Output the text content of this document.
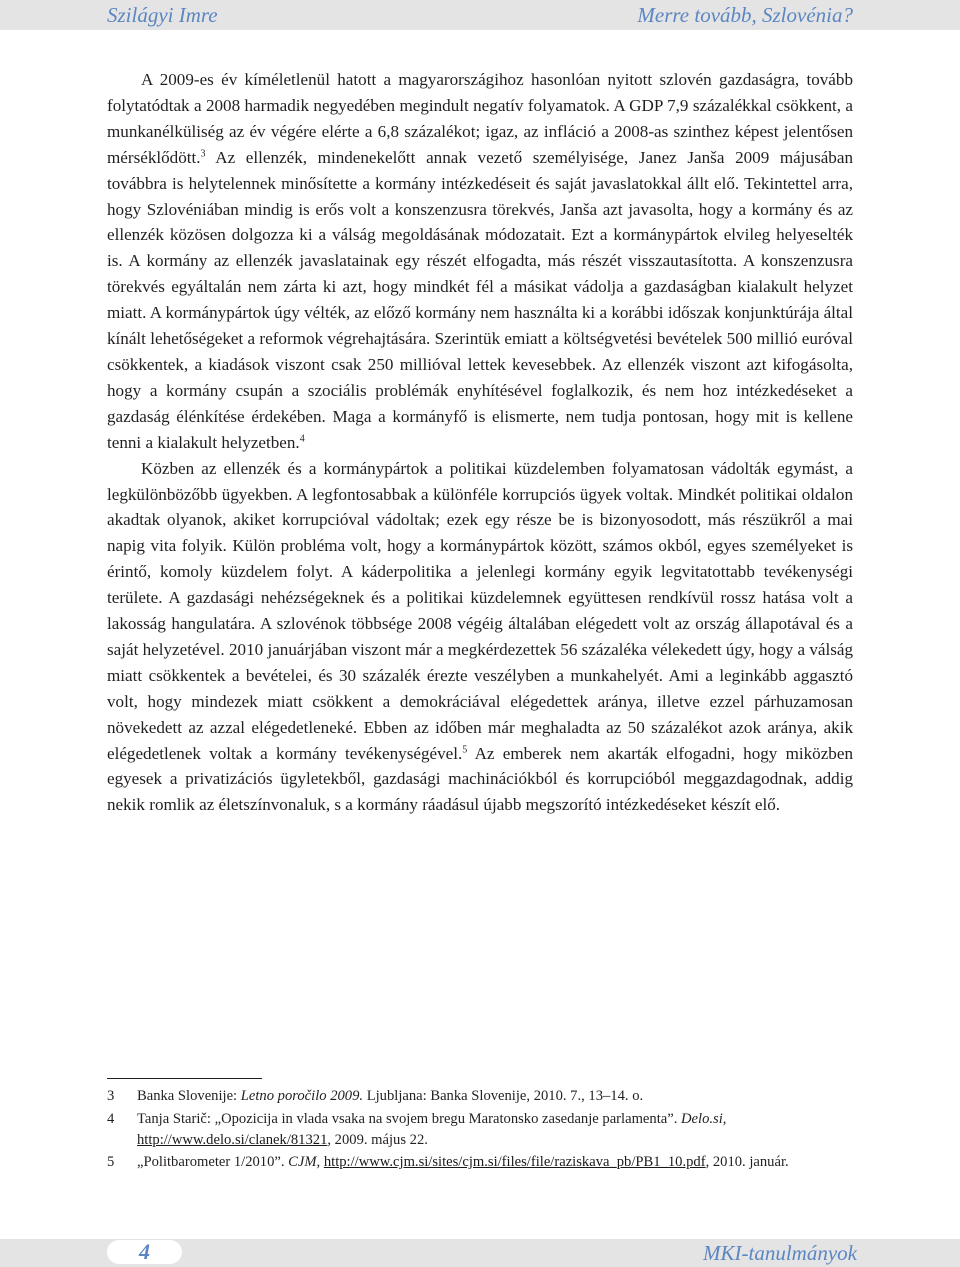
Szilágyi Imre	Merre tovább, Szlovénia?

A 2009-es év kíméletlenül hatott a magyarországihoz hasonlóan nyitott szlovén gazdaságra, tovább folytatódtak a 2008 harmadik negyedében megindult negatív folyamatok. A GDP 7,9 százalékkal csökkent, a munkanélküliség az év végére elérte a 6,8 százalékot; igaz, az infláció a 2008-as szinthez képest jelentősen mérséklődött.$^3$ Az ellenzék, mindenekelőtt annak vezető személyisége, Janez Janša 2009 májusában továbbra is helytelennek minősítette a kormány intézkedéseit és saját javaslatokkal állt elő. Tekintettel arra, hogy Szlovéniában mindig is erős volt a konszenzusra törekvés, Janša azt javasolta, hogy a kormány és az ellenzék közösen dolgozza ki a válság megoldásának módozatait. Ezt a kormánypártok elvileg helyeselték is. A kormány az ellenzék javaslatainak egy részét elfogadta, más részét visszautasította. A konszenzusra törekvés egyáltalán nem zárta ki azt, hogy mindkét fél a másikat vádolja a gazdaságban kialakult helyzet miatt. A kormánypártok úgy vélték, az előző kormány nem használta ki a korábbi időszak konjunktúrája által kínált lehetőségeket a reformok végrehajtására. Szerintük emiatt a költségvetési bevételek 500 millió euróval csökkentek, a kiadások viszont csak 250 millióval lettek kevesebbek. Az ellenzék viszont azt kifogásolta, hogy a kormány csupán a szociális problémák enyhítésével foglalkozik, és nem hoz intézkedéseket a gazdaság élénkítése érdekében. Maga a kormányfő is elismerte, nem tudja pontosan, hogy mit is kellene tenni a kialakult helyzetben.$^4$

Közben az ellenzék és a kormánypártok a politikai küzdelemben folyamatosan vádolták egymást, a legkülönbözőbb ügyekben. A legfontosabbak a különféle korrupciós ügyek voltak. Mindkét politikai oldalon akadtak olyanok, akiket korrupcióval vádoltak; ezek egy része be is bizonyosodott, más részükről a mai napig vita folyik. Külön probléma volt, hogy a kormánypártok között, számos okból, egyes személyeket is érintő, komoly küzdelem folyt. A káderpolitika a jelenlegi kormány egyik legvitatottabb tevékenységi területe. A gazdasági nehézségeknek és a politikai küzdelemnek együttesen rendkívül rossz hatása volt a lakosság hangulatára. A szlovénok többsége 2008 végéig általában elégedett volt az ország állapotával és a saját helyzetével. 2010 januárjában viszont már a megkérdezettek 56 százaléka vélekedett úgy, hogy a válság miatt csökkentek a bevételei, és 30 százalék érezte veszélyben a munkahelyét. Ami a leginkább aggasztó volt, hogy mindezek miatt csökkent a demokráciával elégedettek aránya, illetve ezzel párhuzamosan növekedett az azzal elégedetleneké. Ebben az időben már meghaladta az 50 százalékot azok aránya, akik elégedetlenek voltak a kormány tevékenységével.$^5$ Az emberek nem akarták elfogadni, hogy miközben egyesek a privatizációs ügyletekből, gazdasági machinációkból és korrupcióból meggazdagodnak, addig nekik romlik az életszínvonaluk, s a kormány ráadásul újabb megszorító intézkedéseket készít elő.

3 Banka Slovenije: Letno poročilo 2009. Ljubljana: Banka Slovenije, 2010. 7., 13–14. o.
4 Tanja Starič: „Opozicija in vlada vsaka na svojem bregu Maratonsko zasedanje parlamenta”. Delo.si, http://www.delo.si/clanek/81321, 2009. május 22.
5 „Politbarometer 1/2010”. CJM, http://www.cjm.si/sites/cjm.si/files/file/raziskava_pb/PB1_10.pdf, 2010. január.
4	MKI-tanulmányok
